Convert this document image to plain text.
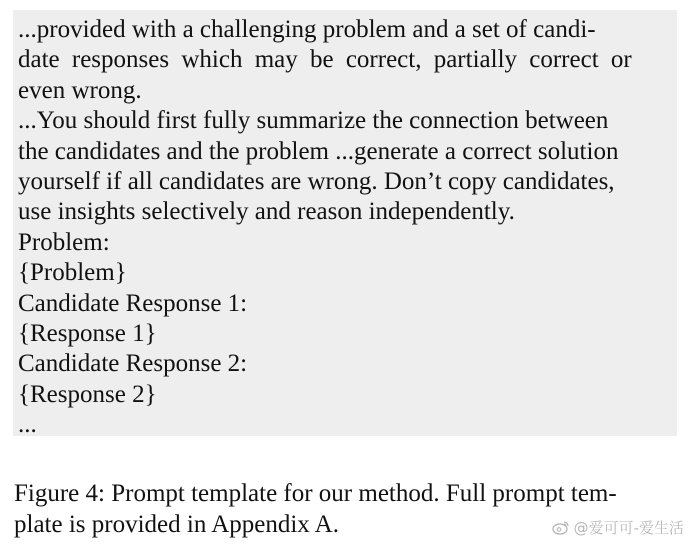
...provided with a challenging problem and a set of candi-
date responses which may be correct, partially correct or
even wrong.
...You should first fully summarize the connection between
the candidates and the problem ...generate a correct solution
yourself if all candidates are wrong. Don’t copy candidates,
use insights selectively and reason independently.
Problem:
{Problem}
Candidate Response 1:
{Response 1}
Candidate Response 2:
{Response 2}
...
Figure 4: Prompt template for our method. Full prompt tem-
plate is provided in Appendix A.	@爱可可-爱生活
